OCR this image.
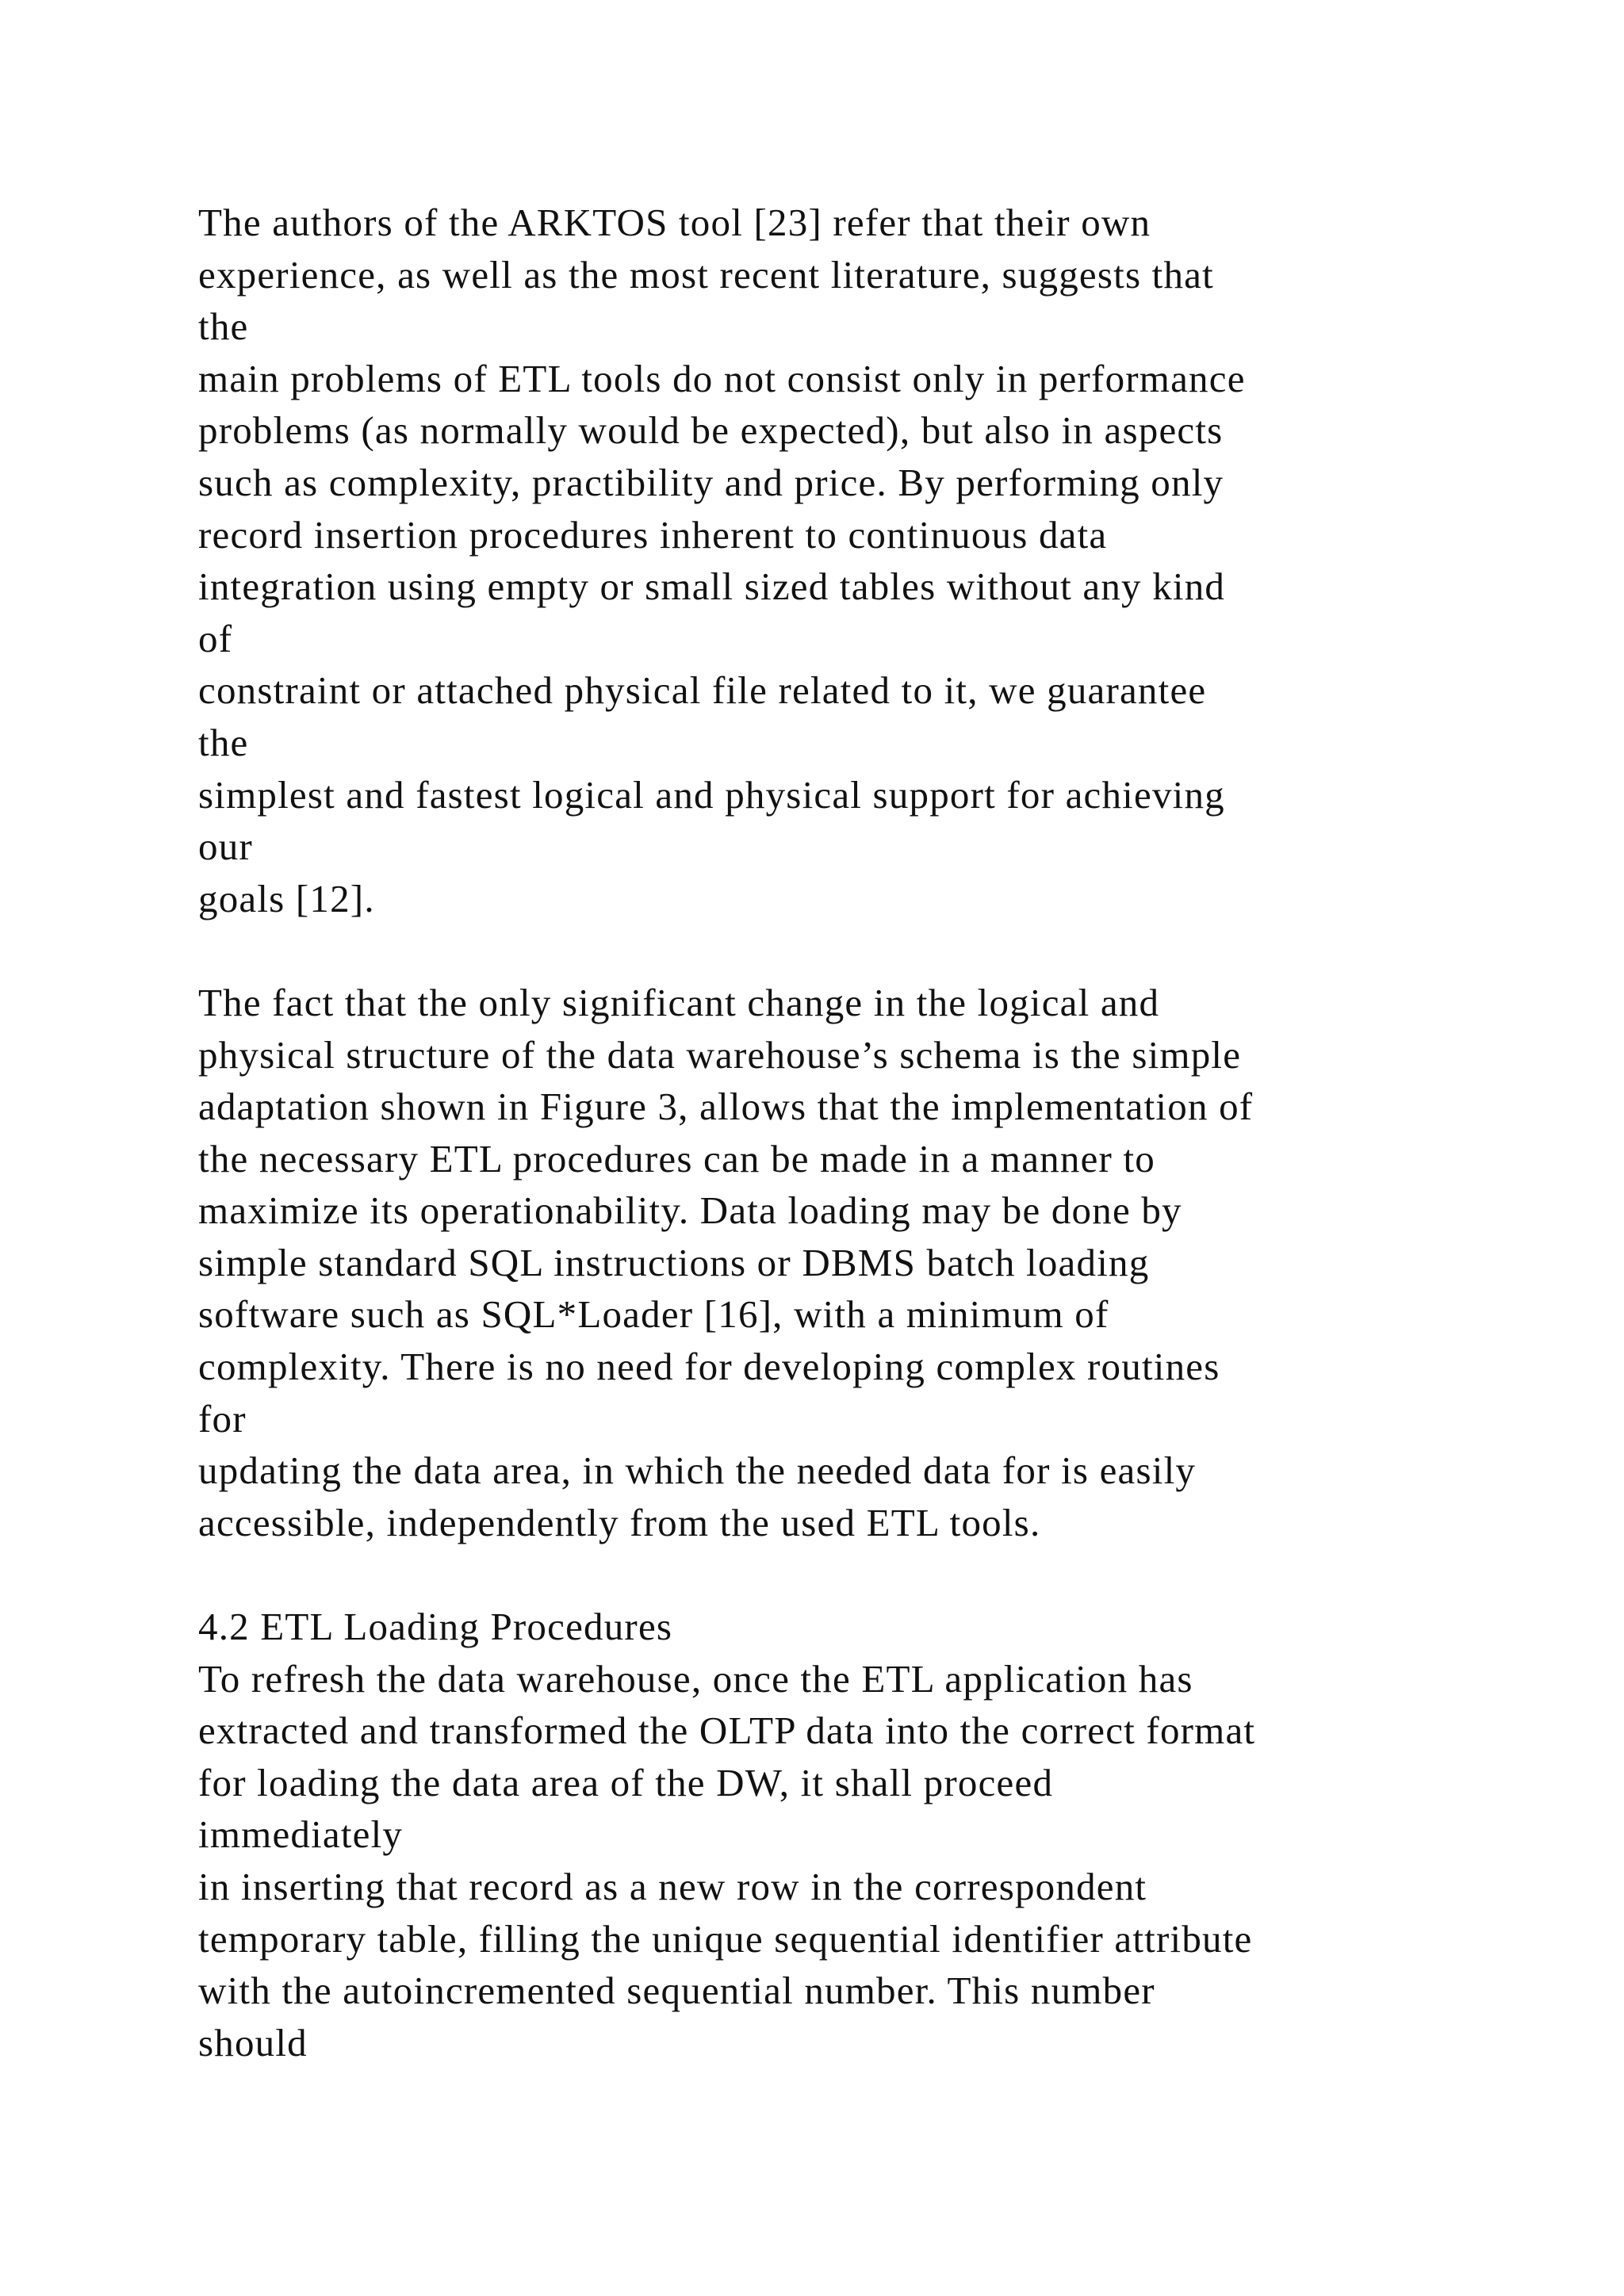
The authors of the ARKTOS tool [23] refer that their own
experience, as well as the most recent literature, suggests that
the
main problems of ETL tools do not consist only in performance
problems (as normally would be expected), but also in aspects
such as complexity, practibility and price. By performing only
record insertion procedures inherent to continuous data
integration using empty or small sized tables without any kind
of
constraint or attached physical file related to it, we guarantee
the
simplest and fastest logical and physical support for achieving
our
goals [12].
The fact that the only significant change in the logical and
physical structure of the data warehouse’s schema is the simple
adaptation shown in Figure 3, allows that the implementation of
the necessary ETL procedures can be made in a manner to
maximize its operationability. Data loading may be done by
simple standard SQL instructions or DBMS batch loading
software such as SQL*Loader [16], with a minimum of
complexity. There is no need for developing complex routines
for
updating the data area, in which the needed data for is easily
accessible, independently from the used ETL tools.
4.2 ETL Loading Procedures
To refresh the data warehouse, once the ETL application has
extracted and transformed the OLTP data into the correct format
for loading the data area of the DW, it shall proceed
immediately
in inserting that record as a new row in the correspondent
temporary table, filling the unique sequential identifier attribute
with the autoincremented sequential number. This number
should
